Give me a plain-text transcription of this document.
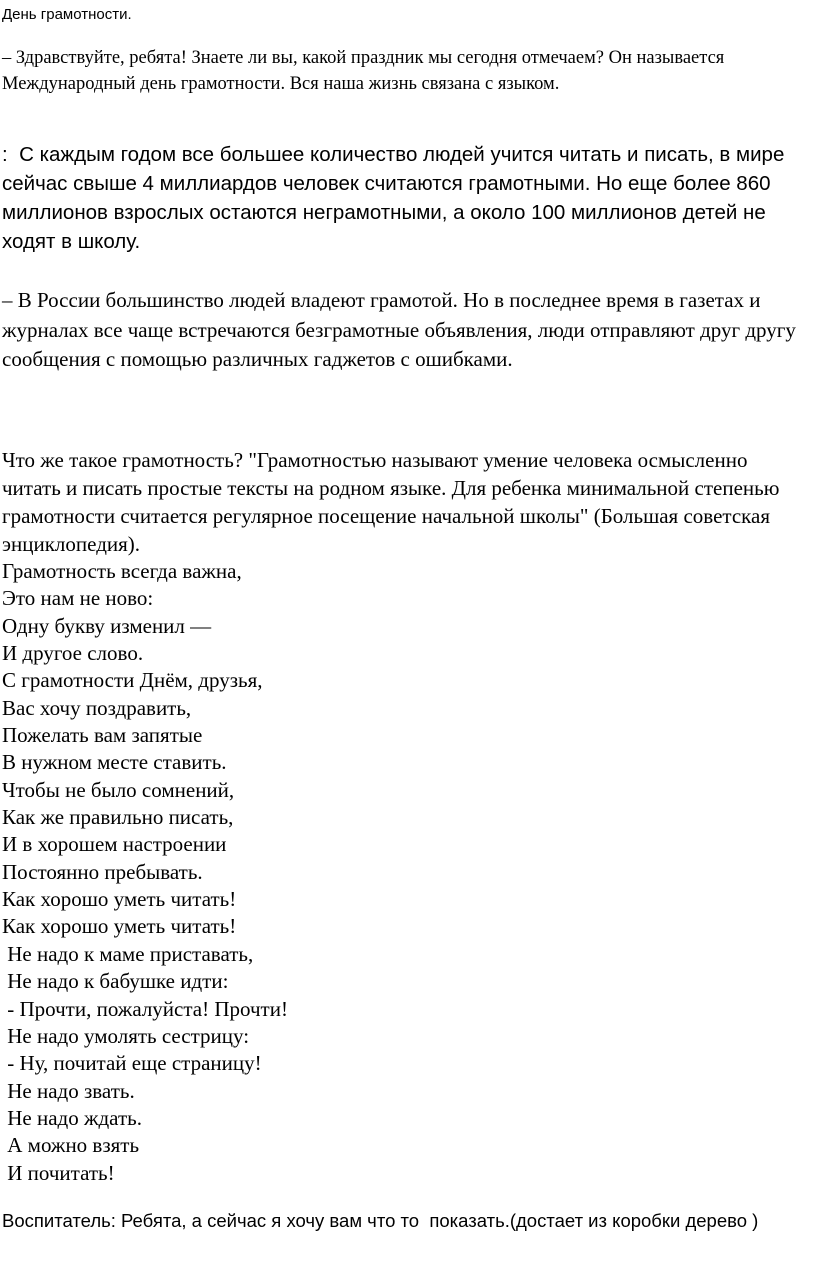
День грамотности.

– Здравствуйте, ребята! Знаете ли вы, какой праздник мы сегодня отмечаем? Он называется Международный день грамотности. Вся наша жизнь связана с языком.

:  С каждым годом все большее количество людей учится читать и писать, в мире сейчас свыше 4 миллиардов человек считаются грамотными. Но еще более 860 миллионов взрослых остаются неграмотными, а около 100 миллионов детей не ходят в школу.

– В России большинство людей владеют грамотой. Но в последнее время в газетах и журналах все чаще встречаются безграмотные объявления, люди отправляют друг другу сообщения с помощью различных гаджетов с ошибками.

Что же такое грамотность? "Грамотностью называют умение человека осмысленно читать и писать простые тексты на родном языке. Для ребенка минимальной степенью грамотности считается регулярное посещение начальной школы" (Большая советская энциклопедия).

Грамотность всегда важна,

Это нам не ново:

Одну букву изменил —

И другое слово.

С грамотности Днём, друзья,

Вас хочу поздравить,

Пожелать вам запятые

В нужном месте ставить.

Чтобы не было сомнений,

Как же правильно писать,

И в хорошем настроении

Постоянно пребывать.

Как хорошо уметь читать!

Как хорошо уметь читать!

Не надо к маме приставать,

Не надо к бабушке идти:

- Прочти, пожалуйста! Прочти!

Не надо умолять сестрицу:

- Ну, почитай еще страницу!

Не надо звать.

Не надо ждать.

А можно взять

И почитать!

Воспитатель: Ребята, а сейчас я хочу вам что то  показать.(достает из коробки дерево )
